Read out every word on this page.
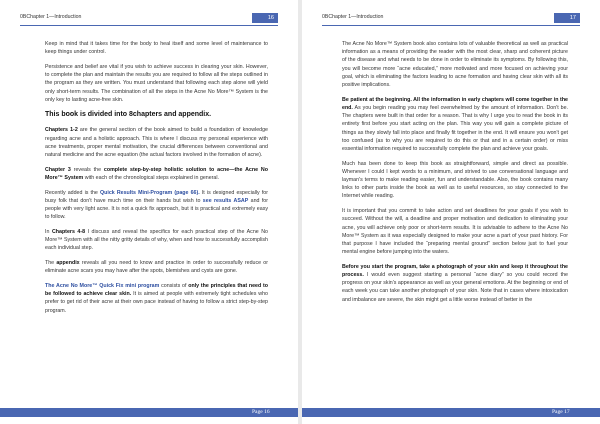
0BChapter 1—Introduction	16

Keep in mind that it takes time for the body to heal itself and some level of maintenance to keep things under control.

Persistence and belief are vital if you wish to achieve success in clearing your skin. However, to complete the plan and maintain the results you are required to follow all the steps outlined in the program as they are written. You must understand that following each step alone will yield only short-term results. The combination of all the steps in the Acne No More™ System is the only key to lasting acne-free skin.

This book is divided into 8chapters and appendix.

Chapters 1-2 are the general section of the book aimed to build a foundation of knowledge regarding acne and a holistic approach. This is where I discuss my personal experience with acne treatments, proper mental motivation, the crucial differences between conventional and natural medicine and the acne equation (the actual factors involved in the formation of acne).

Chapter 3 reveals the complete step-by-step holistic solution to acne—the Acne No More™ System with each of the chronological steps explained in general.

Recently added is the Quick Results Mini-Program (page 66). It is designed especially for busy folk that don't have much time on their hands but wish to see results ASAP and for people with very light acne. It is not a quick fix approach, but it is practical and extremely easy to follow.

In Chapters 4-8 I discuss and reveal the specifics for each practical step of the Acne No More™ System with all the nitty gritty details of why, when and how to successfully accomplish each individual step.

The appendix reveals all you need to know and practice in order to successfully reduce or eliminate acne scars you may have after the spots, blemishes and cysts are gone.

The Acne No More™ Quick Fix mini program consists of only the principles that need to be followed to achieve clear skin. It is aimed at people with extremely tight schedules who prefer to get rid of their acne at their own pace instead of having to follow a strict step-by-step program.

Page 16
0BChapter 1—Introduction	17

The Acne No More™ System book also contains lots of valuable theoretical as well as practical information as a means of providing the reader with the most clear, sharp and coherent picture of the disease and what needs to be done in order to eliminate its symptoms. By following this, you will become more “acne educated,” more motivated and more focused on achieving your goal, which is eliminating the factors leading to acne formation and having clear skin with all its positive implications.

Be patient at the beginning. All the information in early chapters will come together in the end. As you begin reading you may feel overwhelmed by the amount of information. Don't be. The chapters were built in that order for a reason. That is why I urge you to read the book in its entirety first before you start acting on the plan. This way you will gain a complete picture of things as they slowly fall into place and finally fit together in the end. It will ensure you won't get too confused (as to why you are required to do this or that and in a certain order) or miss essential information required to successfully complete the plan and achieve your goals.

Much has been done to keep this book as straightforward, simple and direct as possible. Whenever I could I kept words to a minimum, and strived to use conversational language and layman's terms to make reading easier, fun and understandable. Also, the book contains many links to other parts inside the book as well as to useful resources, so stay connected to the Internet while reading.

It is important that you commit to take action and set deadlines for your goals if you wish to succeed. Without the will, a deadline and proper motivation and dedication to eliminating your acne, you will achieve only poor or short-term results. It is advisable to adhere to the Acne No More™ System as it was especially designed to make your acne a part of your past history. For that purpose I have included the “preparing mental ground” section below just to fuel your mental engine before jumping into the waters.

Before you start the program, take a photograph of your skin and keep it throughout the process. I would even suggest starting a personal “acne diary” so you could record the progress on your skin's appearance as well as your general emotions. At the beginning or end of each week you can take another photograph of your skin. Note that in cases where intoxication and imbalance are severe, the skin might get a little worse instead of better in the

Page 17
